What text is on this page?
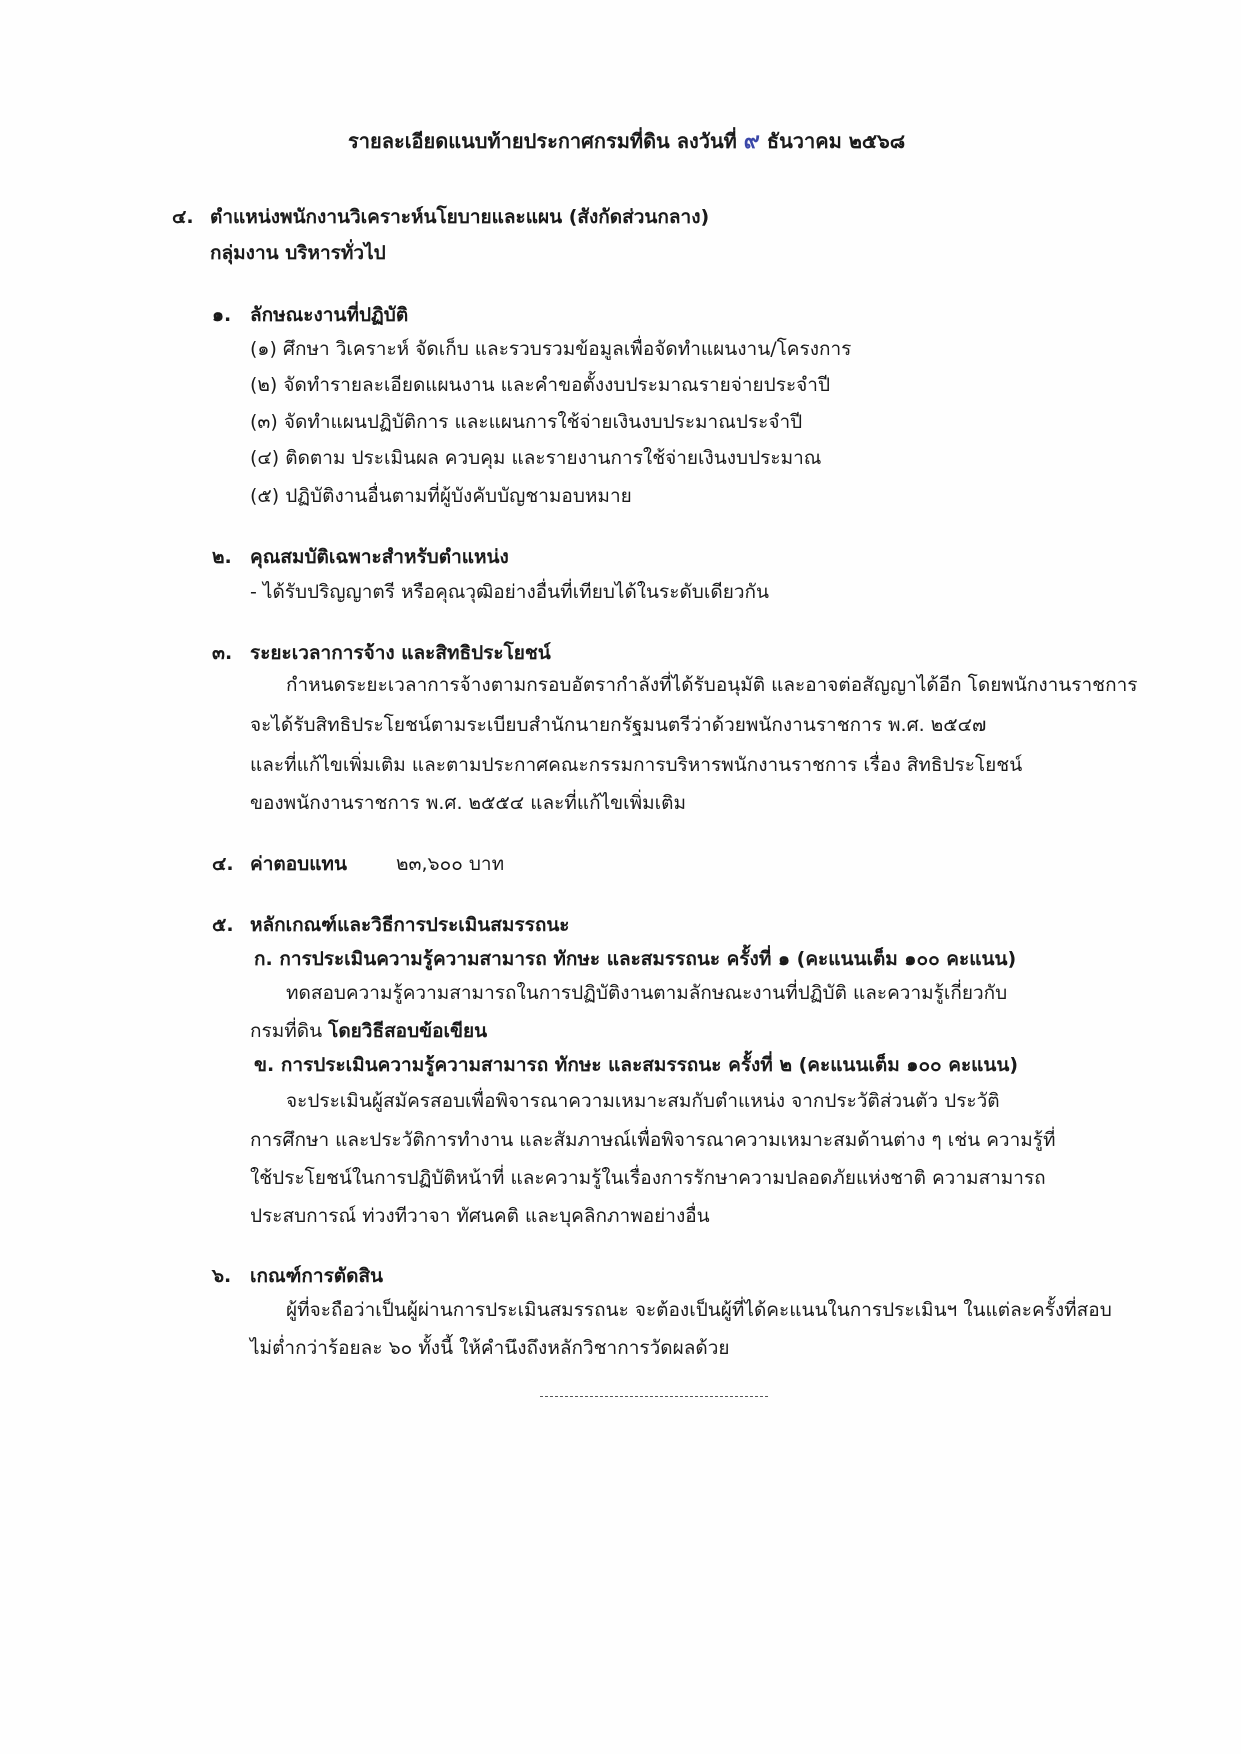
รายละเอียดแนบท้ายประกาศกรมที่ดิน ลงวันที่ ๙ ธันวาคม ๒๕๖๘
๔. ตำแหน่งพนักงานวิเคราะห์นโยบายและแผน (สังกัดส่วนกลาง)
กลุ่มงาน บริหารทั่วไป
๑. ลักษณะงานที่ปฏิบัติ
(๑) ศึกษา วิเคราะห์ จัดเก็บ และรวบรวมข้อมูลเพื่อจัดทำแผนงาน/โครงการ
(๒) จัดทำรายละเอียดแผนงาน และคำขอตั้งงบประมาณรายจ่ายประจำปี
(๓) จัดทำแผนปฏิบัติการ และแผนการใช้จ่ายเงินงบประมาณประจำปี
(๔) ติดตาม ประเมินผล ควบคุม และรายงานการใช้จ่ายเงินงบประมาณ
(๕) ปฏิบัติงานอื่นตามที่ผู้บังคับบัญชามอบหมาย
๒. คุณสมบัติเฉพาะสำหรับตำแหน่ง
- ได้รับปริญญาตรี หรือคุณวุฒิอย่างอื่นที่เทียบได้ในระดับเดียวกัน
๓. ระยะเวลาการจ้าง และสิทธิประโยชน์
กำหนดระยะเวลาการจ้างตามกรอบอัตรากำลังที่ได้รับอนุมัติ และอาจต่อสัญญาได้อีก โดยพนักงานราชการ
จะได้รับสิทธิประโยชน์ตามระเบียบสำนักนายกรัฐมนตรีว่าด้วยพนักงานราชการ พ.ศ. ๒๕๔๗
และที่แก้ไขเพิ่มเติม และตามประกาศคณะกรรมการบริหารพนักงานราชการ เรื่อง สิทธิประโยชน์
ของพนักงานราชการ พ.ศ. ๒๕๕๔ และที่แก้ไขเพิ่มเติม
๔. ค่าตอบแทน	๒๓,๖๐๐ บาท
๕. หลักเกณฑ์และวิธีการประเมินสมรรถนะ
ก. การประเมินความรู้ความสามารถ ทักษะ และสมรรถนะ ครั้งที่ ๑ (คะแนนเต็ม ๑๐๐ คะแนน)
ทดสอบความรู้ความสามารถในการปฏิบัติงานตามลักษณะงานที่ปฏิบัติ และความรู้เกี่ยวกับ
กรมที่ดิน โดยวิธีสอบข้อเขียน
ข. การประเมินความรู้ความสามารถ ทักษะ และสมรรถนะ ครั้งที่ ๒ (คะแนนเต็ม ๑๐๐ คะแนน)
จะประเมินผู้สมัครสอบเพื่อพิจารณาความเหมาะสมกับตำแหน่ง จากประวัติส่วนตัว ประวัติ
การศึกษา และประวัติการทำงาน และสัมภาษณ์เพื่อพิจารณาความเหมาะสมด้านต่าง ๆ เช่น ความรู้ที่
ใช้ประโยชน์ในการปฏิบัติหน้าที่ และความรู้ในเรื่องการรักษาความปลอดภัยแห่งชาติ ความสามารถ
ประสบการณ์ ท่วงทีวาจา ทัศนคติ และบุคลิกภาพอย่างอื่น
๖. เกณฑ์การตัดสิน
ผู้ที่จะถือว่าเป็นผู้ผ่านการประเมินสมรรถนะ จะต้องเป็นผู้ที่ได้คะแนนในการประเมินฯ ในแต่ละครั้งที่สอบ
ไม่ต่ำกว่าร้อยละ ๖๐ ทั้งนี้ ให้คำนึงถึงหลักวิชาการวัดผลด้วย
